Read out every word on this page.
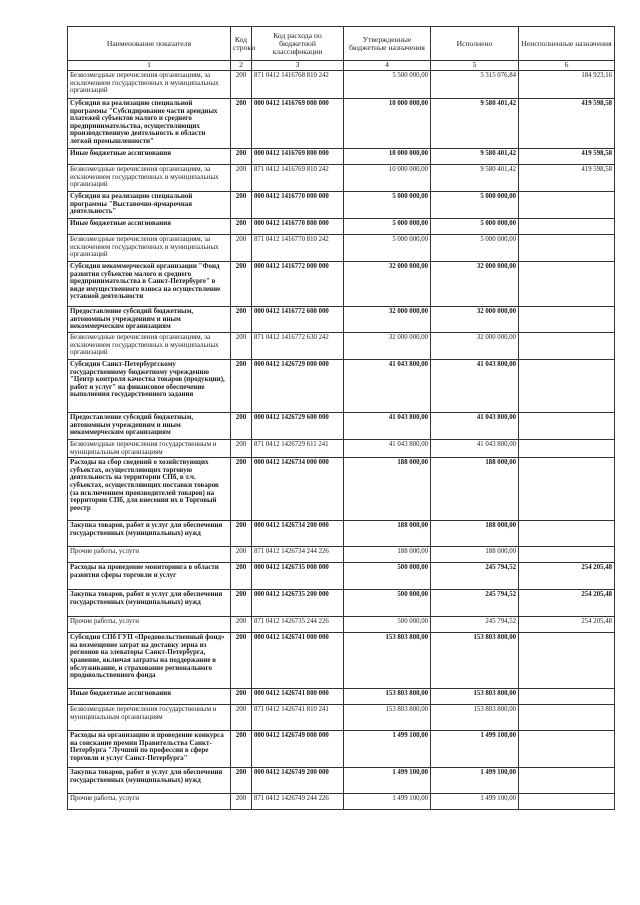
Наименование показателя	Код строки	Код расхода по бюджетной классификации	Утвержденные бюджетные назначения	Исполнено	Неисполненные назначения
1	2	3	4	5	6
Безвозмездные перечисления организациям, за исключением государственных и муниципальных организаций	200	871 0412 1416768 810 242	5 500 000,00	5 315 076,84	184 923,16
Субсидия на реализацию специальной программы "Субсидирование части арендных платежей субъектов малого и среднего предпринимательства, осуществляющих производственную деятельность в области легкой промышленности"	200	000 0412 1416769 000 000	10 000 000,00	9 580 401,42	419 598,58
Иные бюджетные ассигнования	200	000 0412 1416769 800 000	10 000 000,00	9 580 401,42	419 598,58
Безвозмездные перечисления организациям, за исключением государственных и муниципальных организаций	200	871 0412 1416769 810 242	10 000 000,00	9 580 401,42	419 598,58
Субсидия на реализацию специальной программы "Выставочно-ярмарочная деятельность"	200	000 0412 1416770 000 000	5 000 000,00	5 000 000,00	
Иные бюджетные ассигнования	200	000 0412 1416770 800 000	5 000 000,00	5 000 000,00	
Безвозмездные перечисления организациям, за исключением государственных и муниципальных организаций	200	871 0412 1416770 810 242	5 000 000,00	5 000 000,00	
Субсидия некоммерческой организации "Фонд развития субъектов малого и среднего предпринимательства в Санкт-Петербурге" в виде имущественного взноса на осуществление уставной деятельности	200	000 0412 1416772 000 000	32 000 000,00	32 000 000,00	
Предоставление субсидий бюджетным, автономным учреждениям и иным некоммерческим организациям	200	000 0412 1416772 600 000	32 000 000,00	32 000 000,00	
Безвозмездные перечисления организациям, за исключением государственных и муниципальных организаций	200	871 0412 1416772 630 242	32 000 000,00	32 000 000,00	
Субсидия Санкт-Петербургскому государственному бюджетному учреждению "Центр контроля качества товаров (продукции), работ и услуг" на финансовое обеспечение выполнения государственного задания	200	000 0412 1426729 000 000	41 043 800,00	41 043 800,00	
Предоставление субсидий бюджетным, автономным учреждениям и иным некоммерческим организациям	200	000 0412 1426729 600 000	41 043 800,00	41 043 800,00	
Безвозмездные перечисления государственным и муниципальным организациям	200	871 0412 1426729 611 241	41 043 800,00	41 043 800,00	
Расходы на сбор сведений о хозяйствующих субъектах, осуществляющих торговую деятельность на территории СПб, в т.ч. субъектах, осуществляющих поставки товаров (за исключением производителей товаров) на территории СПб, для внесения их в Торговый реестр	200	000 0412 1426734 000 000	188 000,00	188 000,00	
Закупка товаров, работ и услуг для обеспечения государственных (муниципальных) нужд	200	000 0412 1426734 200 000	188 000,00	188 000,00	
Прочие работы, услуги	200	871 0412 1426734 244 226	188 000,00	188 000,00	
Расходы на проведение мониторинга в области развития сферы торговли и услуг	200	000 0412 1426735 000 000	500 000,00	245 794,52	254 205,48
Закупка товаров, работ и услуг для обеспечения государственных (муниципальных) нужд	200	000 0412 1426735 200 000	500 000,00	245 794,52	254 205,48
Прочие работы, услуги	200	871 0412 1426735 244 226	500 000,00	245 794,52	254 205,48
Субсидия СПб ГУП «Продовольственный фонд» на возмещение затрат на доставку зерна из регионов на элеваторы Санкт-Петербурга, хранение, включая затраты на поддержание в обслуживание, и страхование регионального продовольственного фонда	200	000 0412 1426741 000 000	153 803 800,00	153 803 800,00	
Иные бюджетные ассигнования	200	000 0412 1426741 800 000	153 803 800,00	153 803 800,00	
Безвозмездные перечисления государственным и муниципальным организациям	200	871 0412 1426741 810 241	153 803 800,00	153 803 800,00	
Расходы на организацию и проведение конкурса на соискание премии Правительства Санкт-Петербурга "Лучший по профессии в сфере торговли и услуг Санкт-Петербурга"	200	000 0412 1426749 000 000	1 499 100,00	1 499 100,00	
Закупка товаров, работ и услуг для обеспечения государственных (муниципальных) нужд	200	000 0412 1426749 200 000	1 499 100,00	1 499 100,00	
Прочие работы, услуги	200	871 0412 1426749 244 226	1 499 100,00	1 499 100,00	
